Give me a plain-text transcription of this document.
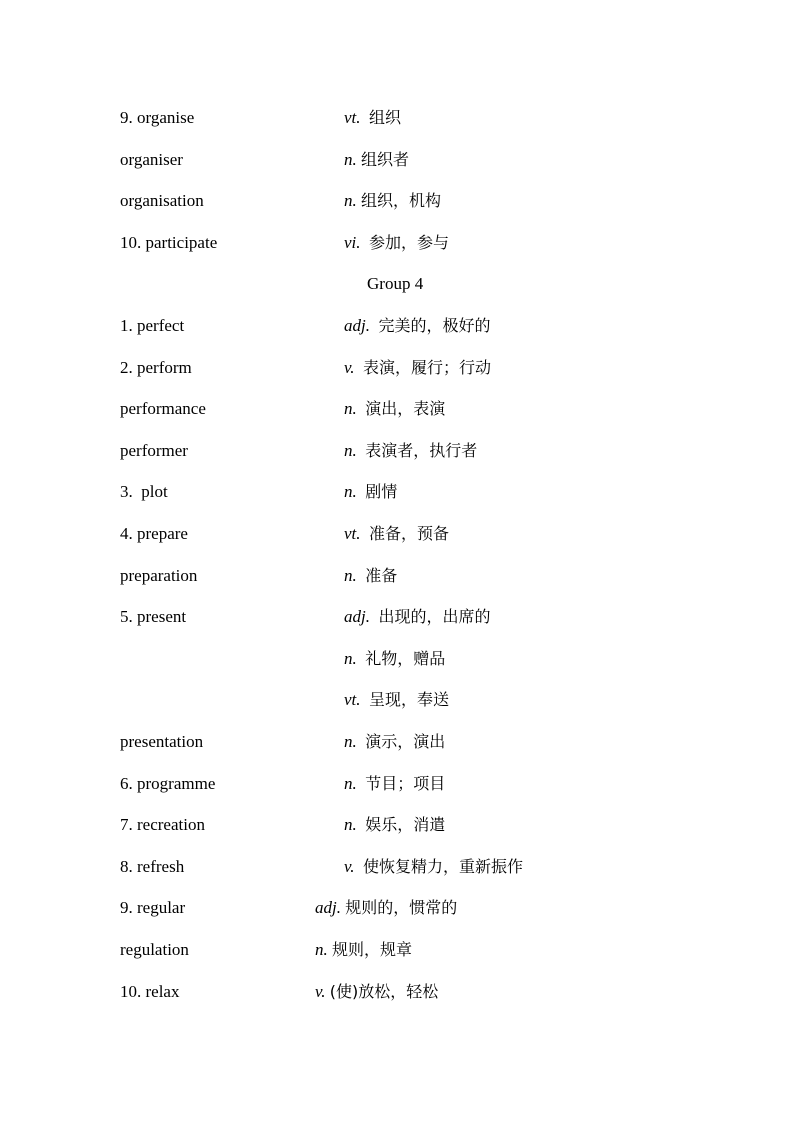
9. organise	vt. 组织
organiser	n. 组织者
organisation	n. 组织，机构
10. participate	vi. 参加，参与
Group 4
1. perfect	adj. 完美的，极好的
2. perform	v. 表演，履行；行动
performance	n. 演出，表演
performer	n. 表演者，执行者
3.  plot	n. 剧情
4. prepare	vt. 准备，预备
preparation	n. 准备
5. present	adj. 出现的，出席的
n. 礼物，赠品
vt. 呈现，奉送
presentation	n. 演示，演出
6. programme	n. 节目；项目
7. recreation	n. 娱乐，消遣
8. refresh	v. 使恢复精力，重新振作
9. regular	adj. 规则的，惯常的
regulation	n. 规则，规章
10. relax	v. (使)放松，轻松
